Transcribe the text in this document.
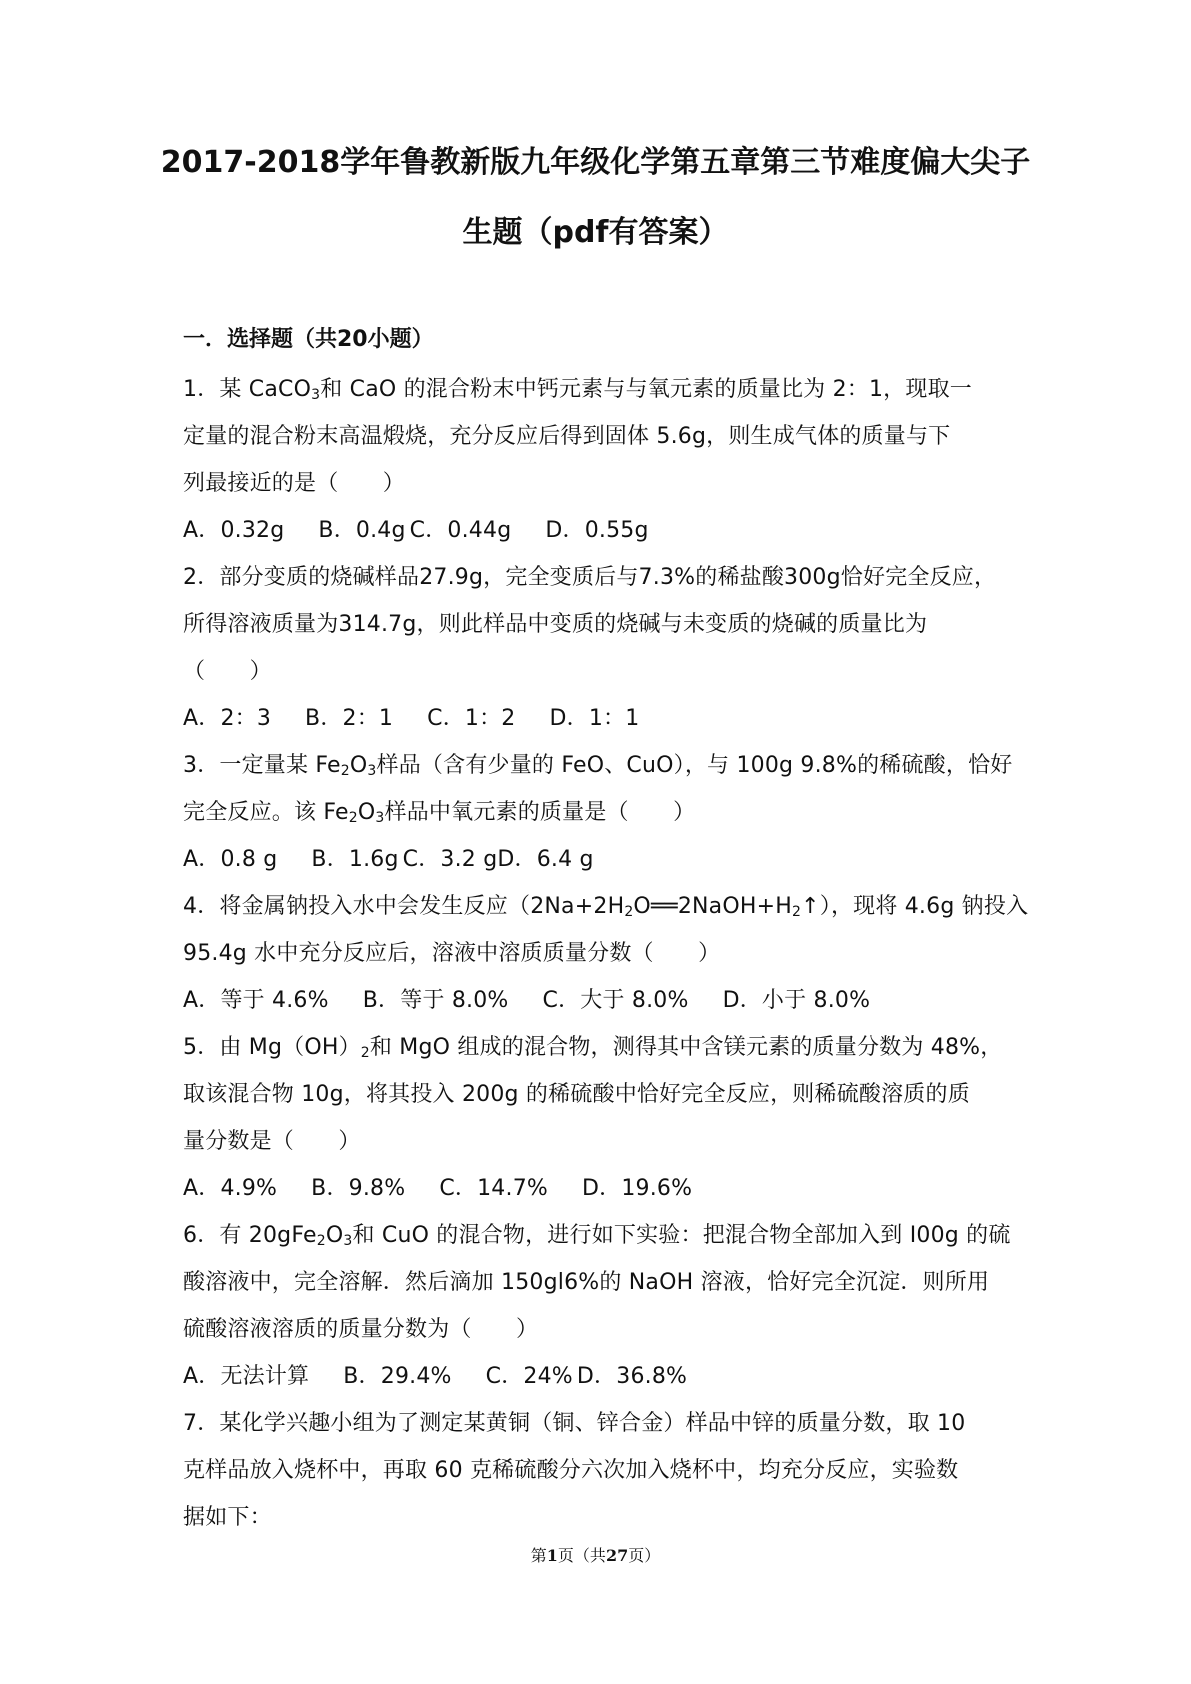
2017-2018学年鲁教新版九年级化学第五章第三节难度偏大尖子
生题（pdf有答案）
一．选择题（共20小题）
1．某 CaCO$_3$和 CaO 的混合粉末中钙元素与与氧元素的质量比为 2：1，现取一
定量的混合粉末高温煅烧，充分反应后得到固体 5.6g，则生成气体的质量与下
列最接近的是（　　）
A．0.32g B．0.4g C．0.44g D．0.55g
2．部分变质的烧碱样品27.9g，完全变质后与7.3%的稀盐酸300g恰好完全反应，
所得溶液质量为314.7g，则此样品中变质的烧碱与未变质的烧碱的质量比为
（　　）
A．2：3 B．2：1 C．1：2 D．1：1
3．一定量某 $Fe_2O_3$样品（含有少量的 FeO、CuO），与 100g 9.8%的稀硫酸，恰好
完全反应。该 $Fe_2O_3$样品中氧元素的质量是（　　）
A．0.8 g B．1.6g C．3.2 gD．6.4 g
4．将金属钠投入水中会发生反应$(2Na+2H_2O══2NaOH+H_2↑)$，现将 4.6g 钠投入
95.4g 水中充分反应后，溶液中溶质质量分数（　　）
A．等于 4.6% B．等于 8.0% C．大于 8.0% D．小于 8.0%
5．由 $Mg(OH)_2$和 MgO 组成的混合物，测得其中含镁元素的质量分数为 48%，
取该混合物 10g，将其投入 200g 的稀硫酸中恰好完全反应，则稀硫酸溶质的质
量分数是（　　）
A．4.9% B．9.8% C．14.7% D．19.6%
6．有 $20gFe_2O_3$和 CuO 的混合物，进行如下实验：把混合物全部加入到 I00g 的硫
酸溶液中，完全溶解．然后滴加 150gl6%的 NaOH 溶液，恰好完全沉淀．则所用
硫酸溶液溶质的质量分数为（　　）
A．无法计算 B．29.4% C．24% D．36.8%
7．某化学兴趣小组为了测定某黄铜（铜、锌合金）样品中锌的质量分数，取 10
克样品放入烧杯中，再取 60 克稀硫酸分六次加入烧杯中，均充分反应，实验数
据如下：
第1页（共27页）
